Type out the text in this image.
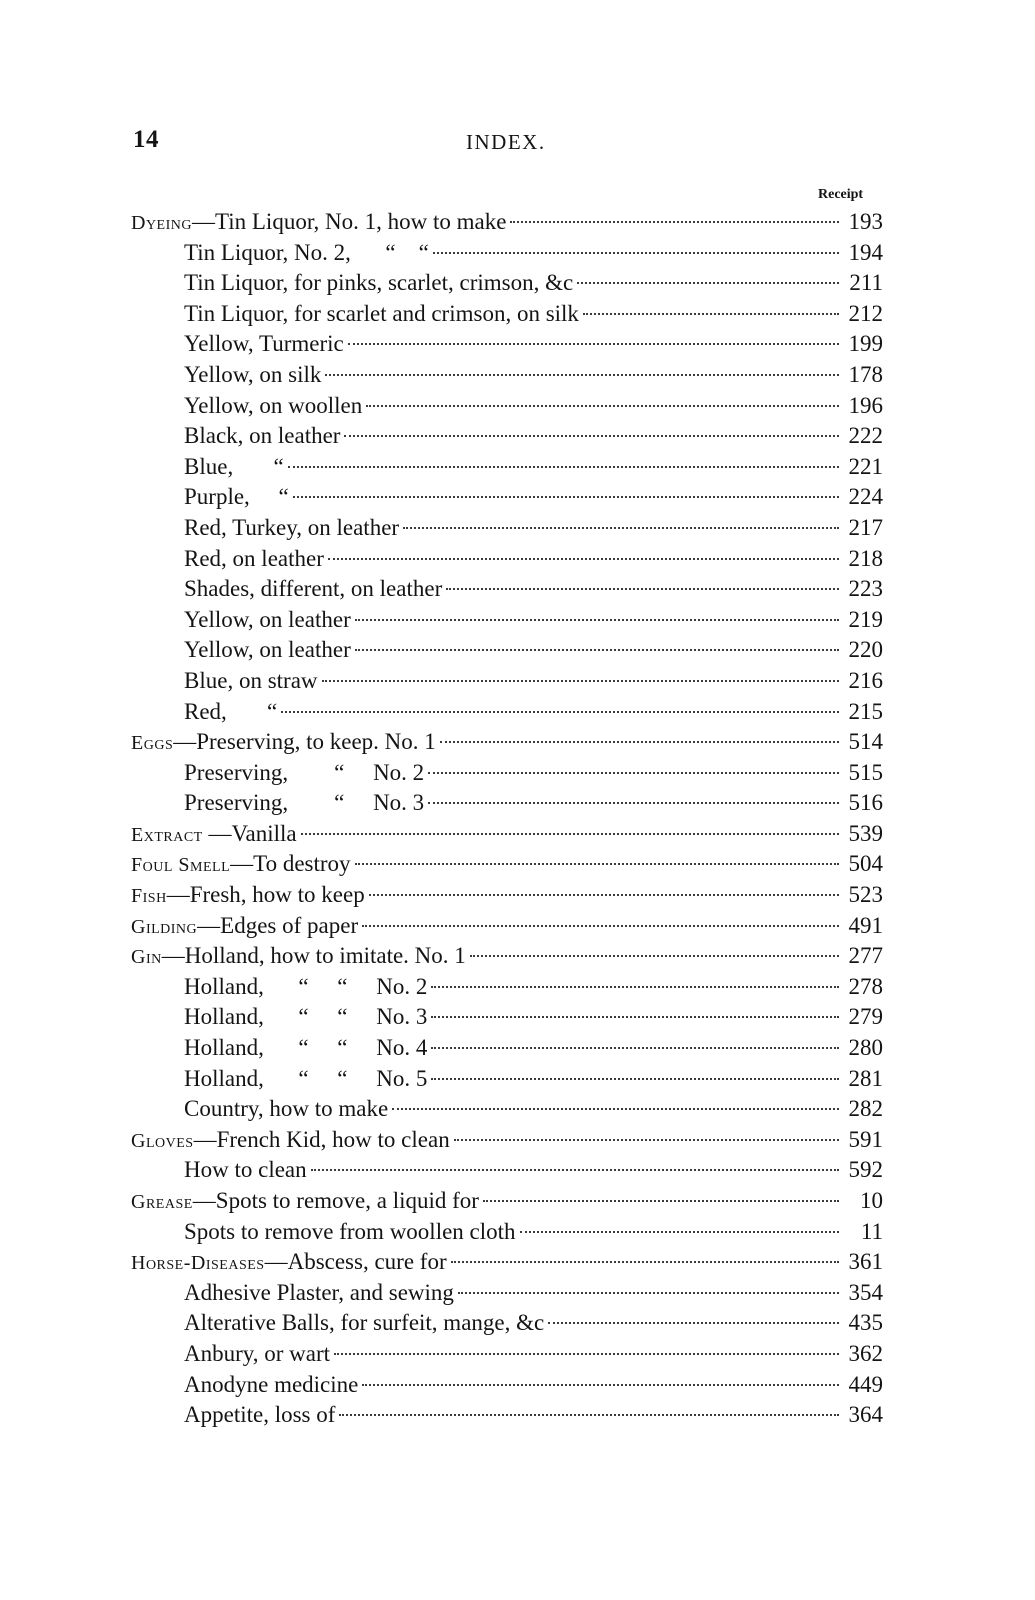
14	INDEX.
Receipt
Dyeing—Tin Liquor, No. 1, how to make	193
Tin Liquor, No. 2,      “    “	194
Tin Liquor, for pinks, scarlet, crimson, &c	211
Tin Liquor, for scarlet and crimson, on silk	212
Yellow, Turmeric	199
Yellow, on silk	178
Yellow, on woollen	196
Black, on leather	222
Blue,       “	221
Purple,     “	224
Red, Turkey, on leather	217
Red, on leather	218
Shades, different, on leather	223
Yellow, on leather	219
Yellow, on leather	220
Blue, on straw	216
Red,       “	215
Eggs—Preserving, to keep. No. 1	514
Preserving,        “     No. 2	515
Preserving,        “     No. 3	516
Extract —Vanilla	539
Foul Smell—To destroy	504
Fish—Fresh, how to keep	523
Gilding—Edges of paper	491
Gin—Holland, how to imitate. No. 1	277
Holland,      “     “     No. 2	278
Holland,      “     “     No. 3	279
Holland,      “     “     No. 4	280
Holland,      “     “     No. 5	281
Country, how to make	282
Gloves—French Kid, how to clean	591
How to clean	592
Grease—Spots to remove, a liquid for	10
Spots to remove from woollen cloth	11
Horse-Diseases—Abscess, cure for	361
Adhesive Plaster, and sewing	354
Alterative Balls, for surfeit, mange, &c	435
Anbury, or wart	362
Anodyne medicine	449
Appetite, loss of	364
